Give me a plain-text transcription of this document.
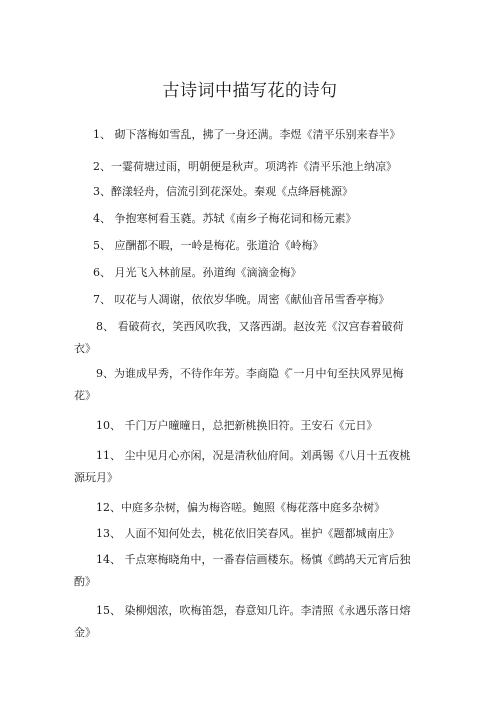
古诗词中描写花的诗句

1、 砌下落梅如雪乱，拂了一身还满。李煜《清平乐别来春半》

2、一霎荷塘过雨，明朝便是秋声。项鸿祚《清平乐池上纳凉》

3、醉漾轻舟，信流引到花深处。秦观《点绛唇桃源》

4、 争抱寒柯看玉蕤。苏轼《南乡子梅花词和杨元素》

5、 应酬都不暇，一岭是梅花。张道洽《岭梅》

6、 月光飞入林前屋。孙道绚《滴滴金梅》

7、 叹花与人凋谢，依依岁华晚。周密《献仙音吊雪香亭梅》

8、 看破荷衣，笑西风吹我，又落西湖。赵汝茪《汉宫春着破荷衣》

9、为谁成早秀，不待作年芳。李商隐《 ̄一月中旬至扶风界见梅花》

10、 千门万户曈曈日，总把新桃换旧符。王安石《元日》

11、 尘中见月心亦闲，况是清秋仙府间。刘禹锡《八月十五夜桃源玩月》

12、中庭多杂树，偏为梅咨嗟。鲍照《梅花落中庭多杂树》

13、 人面不知何处去，桃花依旧笑春风。崔护《题都城南庄》

14、 千点寒梅晓角中，一番春信画楼东。杨慎《鹧鸪天元宵后独酌》

15、 染柳烟浓，吹梅笛怨，春意知几许。李清照《永遇乐落日熔金》
